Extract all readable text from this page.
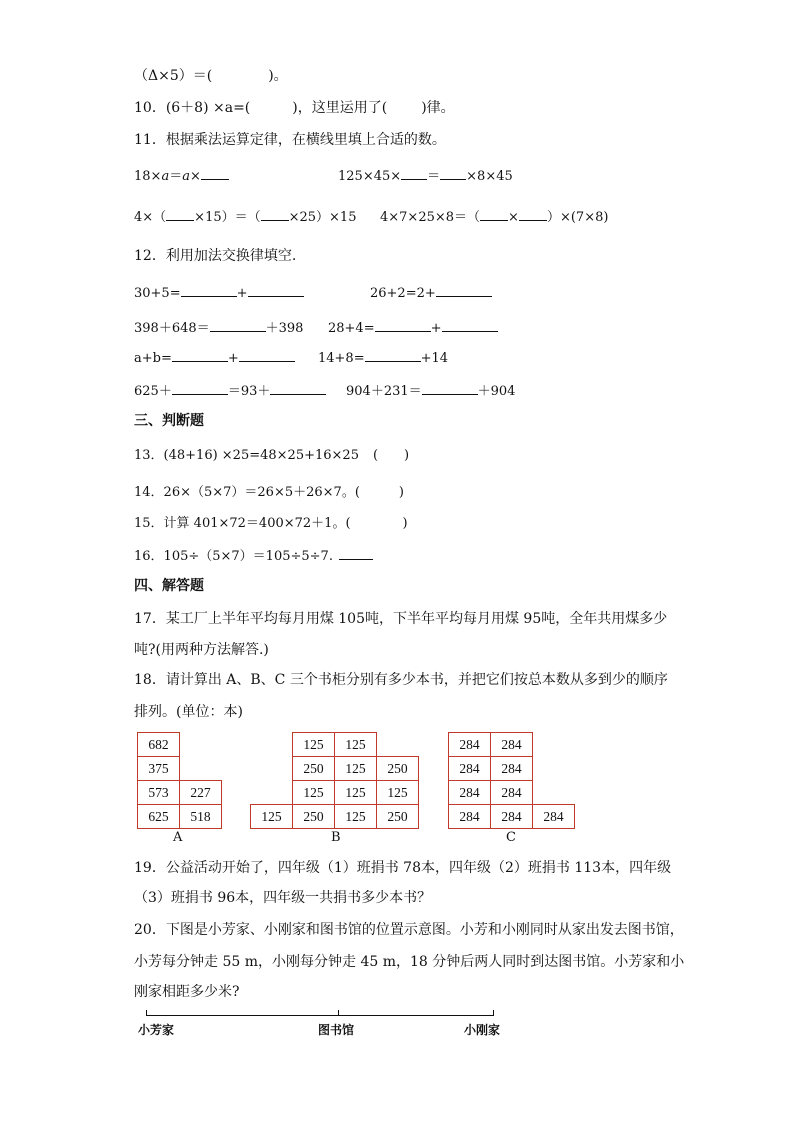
（Δ×5）＝(	)。
10．(6＋8) ×a=(	)，这里运用了( )律。
11．根据乘法运算定律，在横线里填上合适的数。
18×a＝a×	125×45× ＝ ×8×45
4×（ ×15）＝（ ×25）×15 4×7×25×8＝（ × ）×(7×8)
12．利用加法交换律填空.
30+5=	+	26+2=2+
398＋648＝	＋398 28+4=	+
a+b=	+	14+8=	+14
625＋	＝93＋	904＋231＝	＋904
三、判断题
13．(48+16) ×25=48×25+16×25 (　　)
14．26×（5×7）＝26×5＋26×7。(　　　)
15．计算 401×72＝400×72＋1。(　　　　)
16．105÷（5×7）＝105÷5÷7.
四、解答题
17．某工厂上半年平均每月用煤 105吨，下半年平均每月用煤 95吨，全年共用煤多少
吨?(用两种方法解答.)
18．请计算出 A、B、C 三个书柜分别有多少本书，并把它们按总本数从多到少的顺序
排列。(单位：本)
682	
375	
573	227
625	518
A
	125	125	
	250	125	250
	125	125	125
125	250	125	250
B
284	284	
284	284	
284	284	
284	284	284
C
19．公益活动开始了，四年级（1）班捐书 78本，四年级（2）班捐书 113本，四年级
（3）班捐书 96本，四年级一共捐书多少本书？
20．下图是小芳家、小刚家和图书馆的位置示意图。小芳和小刚同时从家出发去图书馆，
小芳每分钟走 55 m，小刚每分钟走 45 m，18 分钟后两人同时到达图书馆。小芳家和小
刚家相距多少米?
小芳家	图书馆	小刚家
